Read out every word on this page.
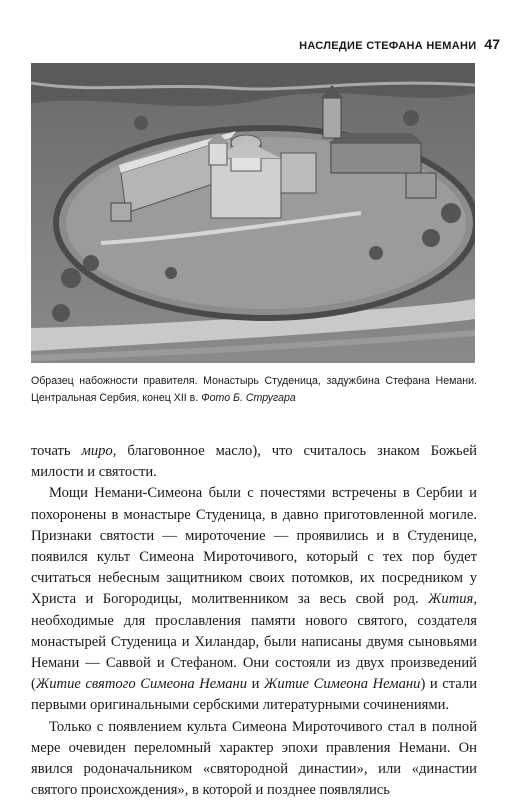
НАСЛЕДИЕ СТЕФАНА НЕМАНИ 47
Образец набожности правителя. Монастырь Студеница, задужбина Стефана Немани. Центральная Сербия, конец XII в. Фото Б. Стругара

точать миро, благовонное масло), что считалось знаком Божьей милости и святости.

Мощи Немани-Симеона были с почестями встречены в Сербии и похоронены в монастыре Студеница, в давно приготовленной могиле. Признаки святости — мироточение — проявились и в Студенице, появился культ Симеона Мироточивого, который с тех пор будет считаться небесным защитником своих потомков, их посредником у Христа и Богородицы, молитвенником за весь свой род. Жития, необходимые для прославления памяти нового святого, создателя монастырей Студеница и Хиландар, были написаны двумя сыновьями Немани — Саввой и Стефаном. Они состояли из двух произведений (Житие святого Симеона Немани и Житие Симеона Немани) и стали первыми оригинальными сербскими литературными сочинениями.

Только с появлением культа Симеона Мироточивого стал в полной мере очевиден переломный характер эпохи правления Немани. Он явился родоначальником «святородной династии», или «династии святого происхождения», в которой и позднее появлялись
